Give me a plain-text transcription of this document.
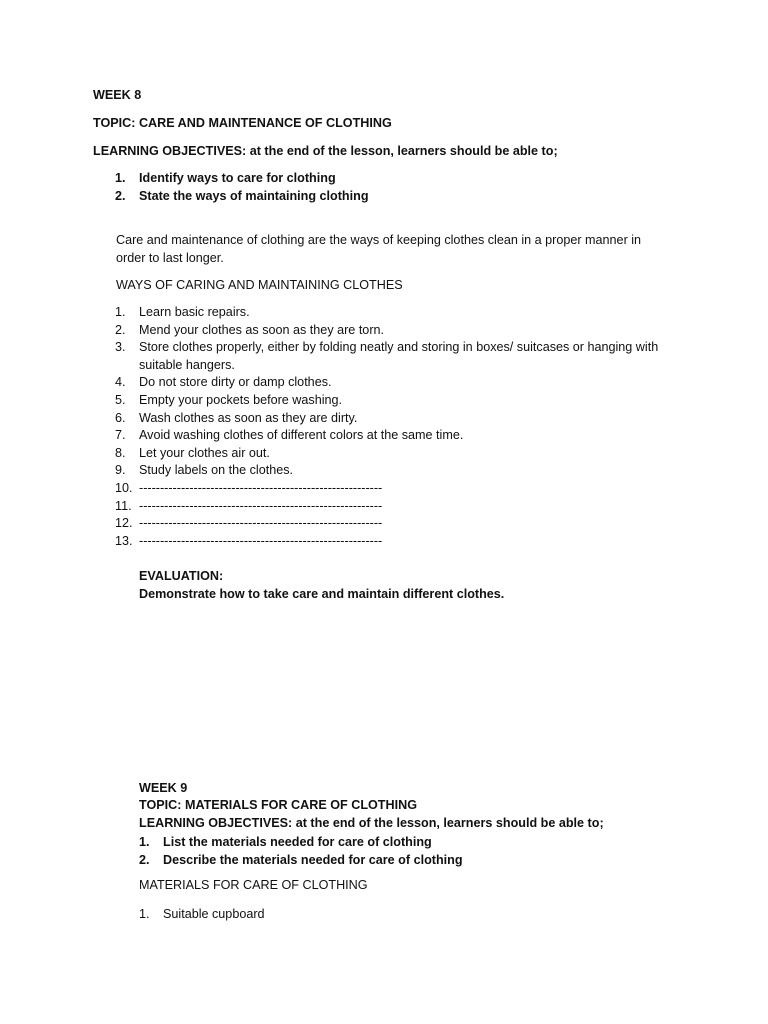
WEEK 8
TOPIC: CARE AND MAINTENANCE OF CLOTHING
LEARNING OBJECTIVES: at the end of the lesson, learners should be able to;
1.	Identify ways to care for clothing
2.	State the ways of maintaining clothing

Care and maintenance of clothing are the ways of keeping clothes clean in a proper manner in order to last longer.

WAYS OF CARING AND MAINTAINING CLOTHES
1.	Learn basic repairs.
2.	Mend your clothes as soon as they are torn.
3.	Store clothes properly, either by folding neatly and storing in boxes/ suitcases or hanging with suitable hangers.
4.	Do not store dirty or damp clothes.
5.	Empty your pockets before washing.
6.	Wash clothes as soon as they are dirty.
7.	Avoid washing clothes of different colors at the same time.
8.	Let your clothes air out.
9.	Study labels on the clothes.
10. ----------------------------------------------------------
11. ----------------------------------------------------------
12. ----------------------------------------------------------
13. ----------------------------------------------------------
EVALUATION:
Demonstrate how to take care and maintain different clothes.
WEEK 9
TOPIC: MATERIALS FOR CARE OF CLOTHING
LEARNING OBJECTIVES: at the end of the lesson, learners should be able to;
1.	List the materials needed for care of clothing
2.	Describe the materials needed for care of clothing
MATERIALS FOR CARE OF CLOTHING
1.	Suitable cupboard
